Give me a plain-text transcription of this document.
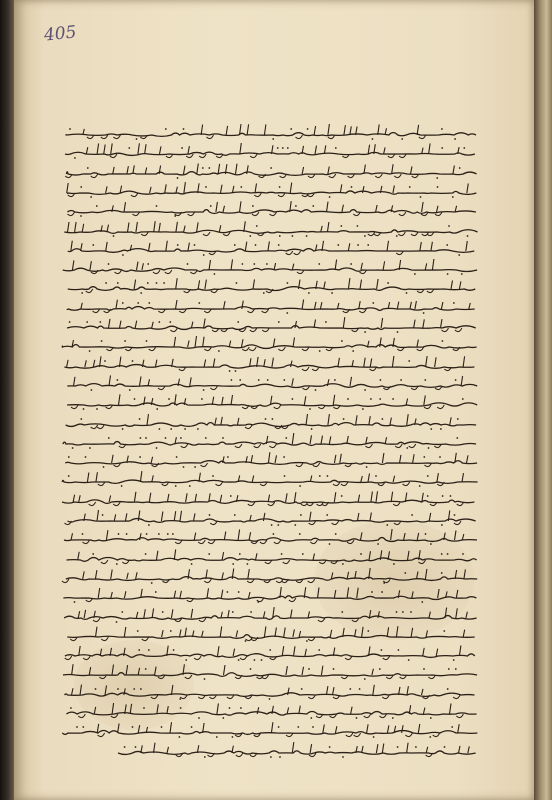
405
